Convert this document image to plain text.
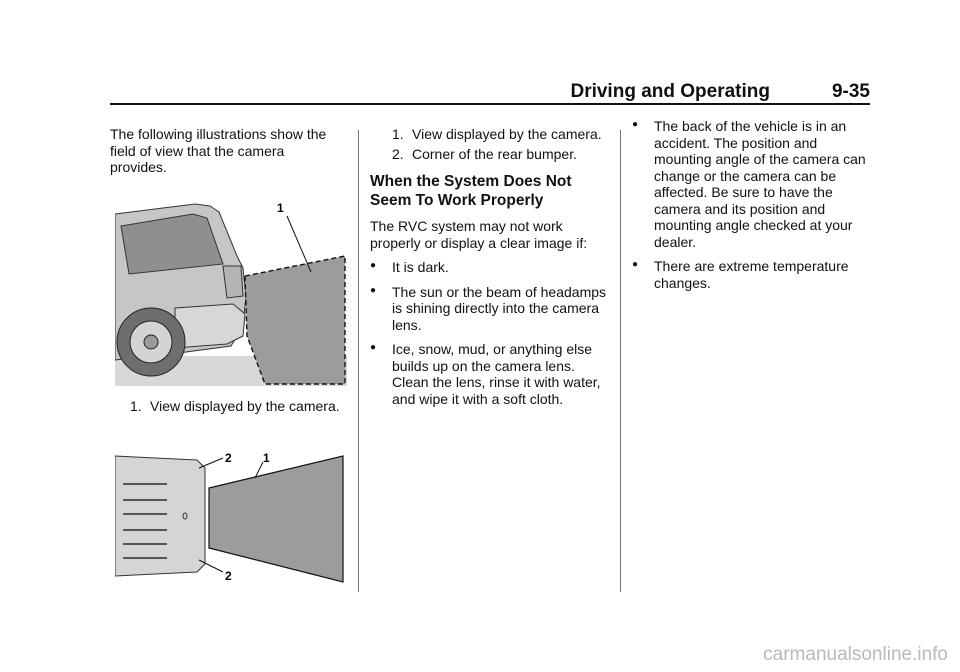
Driving and Operating	9-35

The following illustrations show the field of view that the camera provides.

1
1. View displayed by the camera.
2	1
2
1. View displayed by the camera.
2. Corner of the rear bumper.
When the System Does Not Seem To Work Properly

The RVC system may not work properly or display a clear image if:

●	It is dark.
●	The sun or the beam of headamps is shining directly into the camera lens.
●	Ice, snow, mud, or anything else builds up on the camera lens. Clean the lens, rinse it with water, and wipe it with a soft cloth.
●	The back of the vehicle is in an accident. The position and mounting angle of the camera can change or the camera can be affected. Be sure to have the camera and its position and mounting angle checked at your dealer.
●	There are extreme temperature changes.
carmanualsonline.info
